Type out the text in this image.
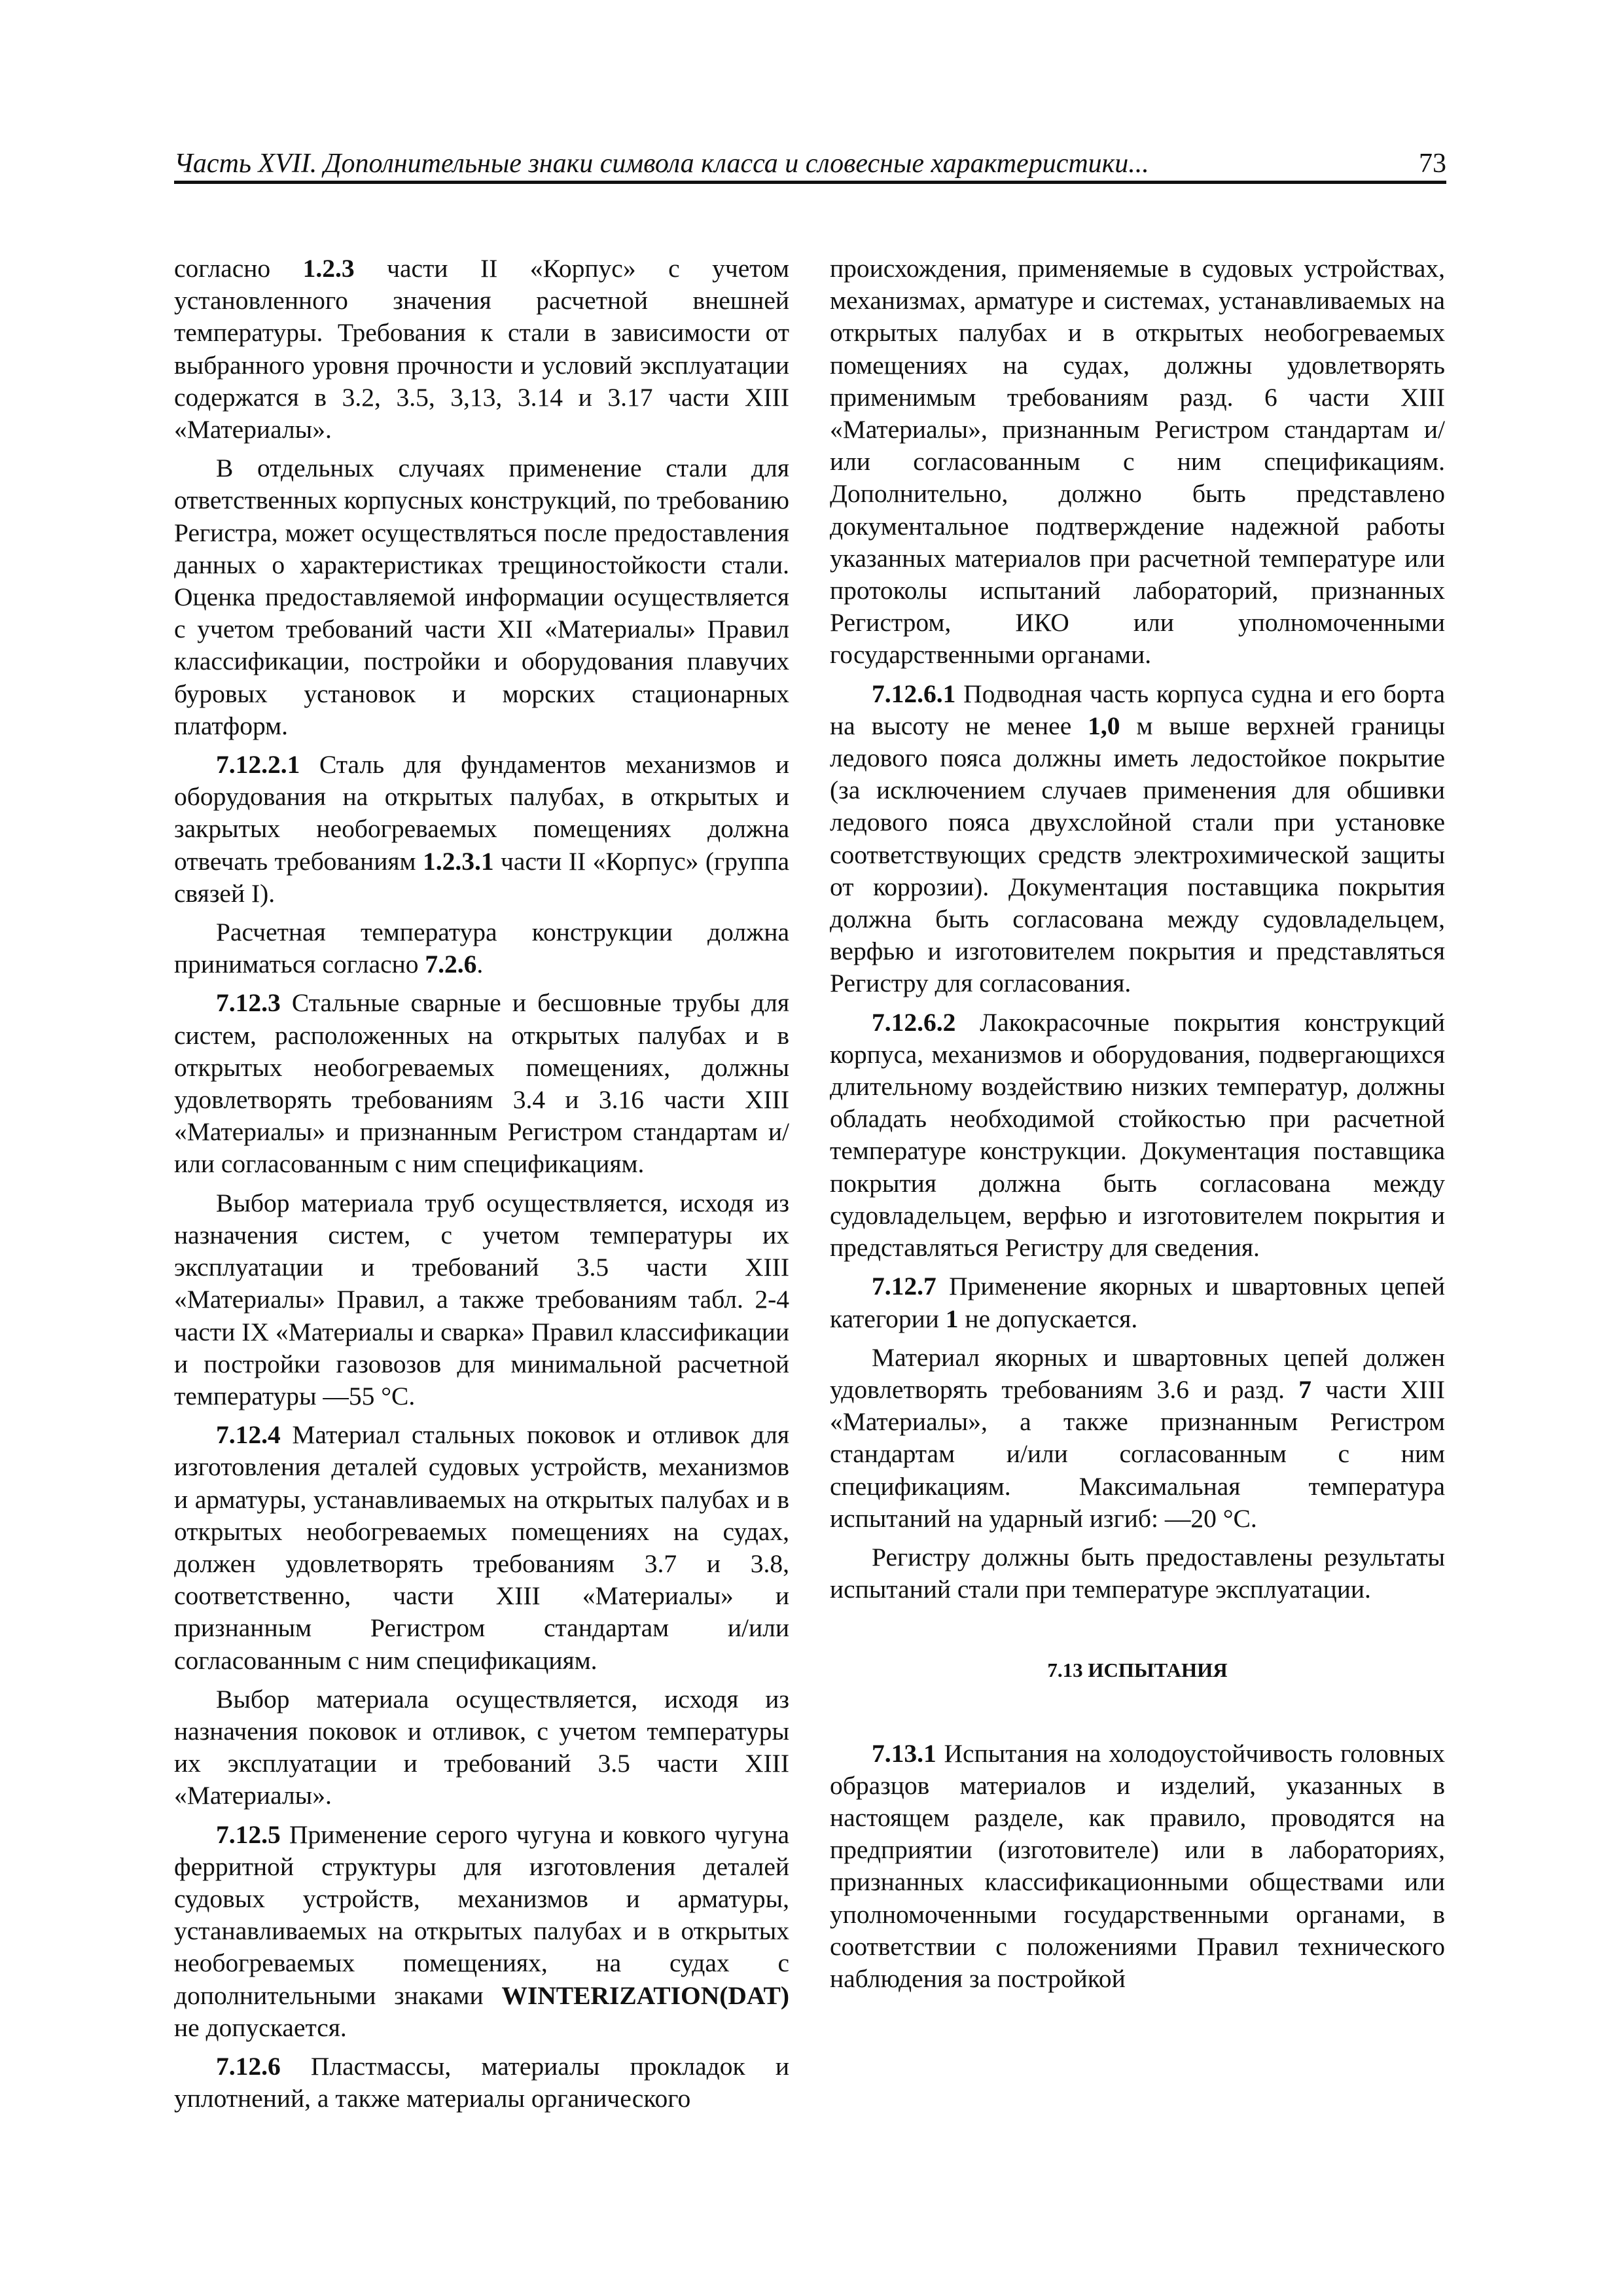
Часть XVII. Дополнительные знаки символа класса и словесные характеристики...	73

согласно 1.2.3 части II «Корпус» с учетом установленного значения расчетной внешней температуры. Требования к стали в зависимости от выбранного уровня прочности и условий эксплуатации содержатся в 3.2, 3.5, 3,13, 3.14 и 3.17 части XIII «Материалы».

В отдельных случаях применение стали для ответственных корпусных конструкций, по требованию Регистра, может осуществляться после предоставления данных о характеристиках трещиностойкости стали. Оценка предоставляемой информации осуществляется с учетом требований части XII «Материалы» Правил классификации, постройки и оборудования плавучих буровых установок и морских стационарных платформ.

7.12.2.1 Сталь для фундаментов механизмов и оборудования на открытых палубах, в открытых и закрытых необогреваемых помещениях должна отвечать требованиям 1.2.3.1 части II «Корпус» (группа связей I).

Расчетная температура конструкции должна приниматься согласно 7.2.6.

7.12.3 Стальные сварные и бесшовные трубы для систем, расположенных на открытых палубах и в открытых необогреваемых помещениях, должны удовлетворять требованиям 3.4 и 3.16 части XIII «Материалы» и признанным Регистром стандартам и/или согласованным с ним спецификациям.

Выбор материала труб осуществляется, исходя из назначения систем, с учетом температуры их эксплуатации и требований 3.5 части XIII «Материалы» Правил, а также требованиям табл. 2-4 части IX «Материалы и сварка» Правил классификации и постройки газовозов для минимальной расчетной температуры —55 °С.

7.12.4 Материал стальных поковок и отливок для изготовления деталей судовых устройств, механизмов и арматуры, устанавливаемых на открытых палубах и в открытых необогреваемых помещениях на судах, должен удовлетворять требованиям 3.7 и 3.8, соответственно, части XIII «Материалы» и признанным Регистром стандартам и/или согласованным с ним спецификациям.

Выбор материала осуществляется, исходя из назначения поковок и отливок, с учетом температуры их эксплуатации и требований 3.5 части XIII «Материалы».

7.12.5 Применение серого чугуна и ковкого чугуна ферритной структуры для изготовления деталей судовых устройств, механизмов и арматуры, устанавливаемых на открытых палубах и в открытых необогреваемых помещениях, на судах с дополнительными знаками WINTERIZATION(DAT) не допускается.

7.12.6 Пластмассы, материалы прокладок и уплотнений, а также материалы органического

происхождения, применяемые в судовых устройствах, механизмах, арматуре и системах, устанавливаемых на открытых палубах и в открытых необогреваемых помещениях на судах, должны удовлетворять применимым требованиям разд. 6 части XIII «Материалы», признанным Регистром стандартам и/или согласованным с ним спецификациям. Дополнительно, должно быть представлено документальное подтверждение надежной работы указанных материалов при расчетной температуре или протоколы испытаний лабораторий, признанных Регистром, ИКО или уполномоченными государственными органами.

7.12.6.1 Подводная часть корпуса судна и его борта на высоту не менее 1,0 м выше верхней границы ледового пояса должны иметь ледостойкое покрытие (за исключением случаев применения для обшивки ледового пояса двухслойной стали при установке соответствующих средств электрохимической защиты от коррозии). Документация поставщика покрытия должна быть согласована между судовладельцем, верфью и изготовителем покрытия и представляться Регистру для согласования.

7.12.6.2 Лакокрасочные покрытия конструкций корпуса, механизмов и оборудования, подвергающихся длительному воздействию низких температур, должны обладать необходимой стойкостью при расчетной температуре конструкции. Документация поставщика покрытия должна быть согласована между судовладельцем, верфью и изготовителем покрытия и представляться Регистру для сведения.

7.12.7 Применение якорных и швартовных цепей категории 1 не допускается.

Материал якорных и швартовных цепей должен удовлетворять требованиям 3.6 и разд. 7 части XIII «Материалы», а также признанным Регистром стандартам и/или согласованным с ним спецификациям. Максимальная температура испытаний на ударный изгиб: —20 °С.

Регистру должны быть предоставлены результаты испытаний стали при температуре эксплуатации.

7.13 ИСПЫТАНИЯ

7.13.1 Испытания на холодоустойчивость головных образцов материалов и изделий, указанных в настоящем разделе, как правило, проводятся на предприятии (изготовителе) или в лабораториях, признанных классификационными обществами или уполномоченными государственными органами, в соответствии с положениями Правил технического наблюдения за постройкой
